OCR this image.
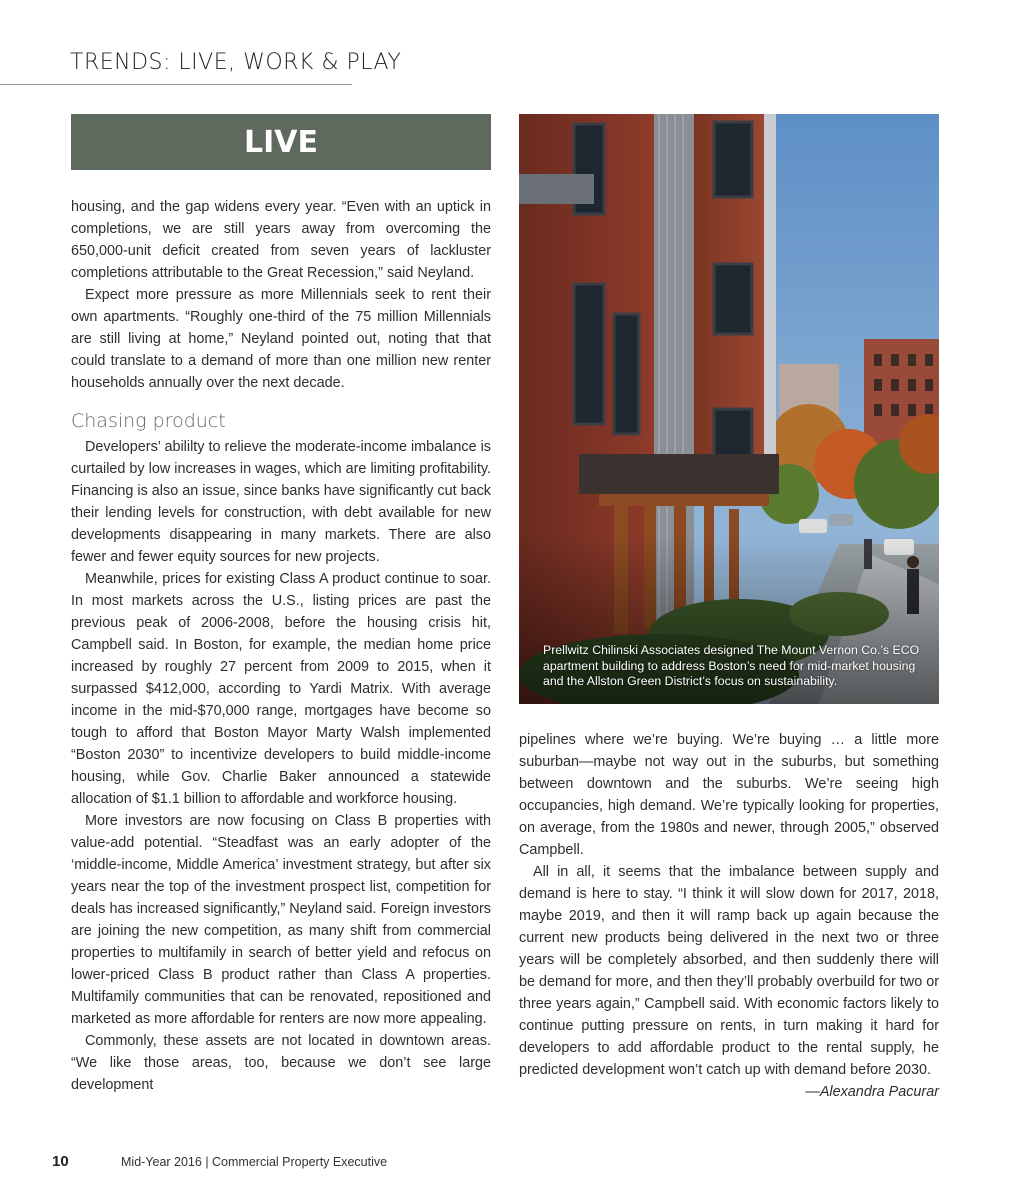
TRENDS: LIVE, WORK & PLAY
LIVE

housing, and the gap widens every year. “Even with an uptick in completions, we are still years away from overcoming the 650,000-unit deficit created from seven years of lackluster completions attributable to the Great Recession,” said Neyland.

Expect more pressure as more Millennials seek to rent their own apartments. “Roughly one-third of the 75 million Millennials are still living at home,” Neyland pointed out, noting that that could translate to a demand of more than one million new renter households annually over the next decade.

Chasing product

Developers’ abililty to relieve the moderate-income imbalance is curtailed by low increases in wages, which are limiting profitability. Financing is also an issue, since banks have significantly cut back their lending levels for construction, with debt available for new developments disappearing in many markets. There are also fewer and fewer equity sources for new projects.

Meanwhile, prices for existing Class A product continue to soar. In most markets across the U.S., listing prices are past the previous peak of 2006-2008, before the housing crisis hit, Campbell said. In Boston, for example, the median home price increased by roughly 27 percent from 2009 to 2015, when it surpassed $412,000, according to Yardi Matrix. With average income in the mid-$70,000 range, mortgages have become so tough to afford that Boston Mayor Marty Walsh implemented “Boston 2030” to incentivize developers to build middle-income housing, while Gov. Charlie Baker announced a statewide allocation of $1.1 billion to affordable and workforce housing.

More investors are now focusing on Class B properties with value-add potential. “Steadfast was an early adopter of the ‘middle-income, Middle America’ investment strategy, but after six years near the top of the investment prospect list, competition for deals has increased significantly,” Neyland said. Foreign investors are joining the new competition, as many shift from commercial properties to multifamily in search of better yield and refocus on lower-priced Class B product rather than Class A properties. Multifamily communities that can be renovated, repositioned and marketed as more affordable for renters are now more appealing.

Commonly, these assets are not located in downtown areas. “We like those areas, too, because we don’t see large development

Prellwitz Chilinski Associates designed The Mount Vernon Co.’s ECO apartment building to address Boston’s need for mid-market housing and the Allston Green District’s focus on sustainability.

pipelines where we’re buying. We’re buying … a little more suburban—maybe not way out in the suburbs, but something between downtown and the suburbs. We’re seeing high occupancies, high demand. We’re typically looking for properties, on average, from the 1980s and newer, through 2005,” observed Campbell.

All in all, it seems that the imbalance between supply and demand is here to stay. “I think it will slow down for 2017, 2018, maybe 2019, and then it will ramp back up again because the current new products being delivered in the next two or three years will be completely absorbed, and then suddenly there will be demand for more, and then they’ll probably overbuild for two or three years again,” Campbell said. With economic factors likely to continue putting pressure on rents, in turn making it hard for developers to add affordable product to the rental supply, he predicted development won’t catch up with demand before 2030.

—Alexandra Pacurar

10	Mid-Year 2016 | Commercial Property Executive
